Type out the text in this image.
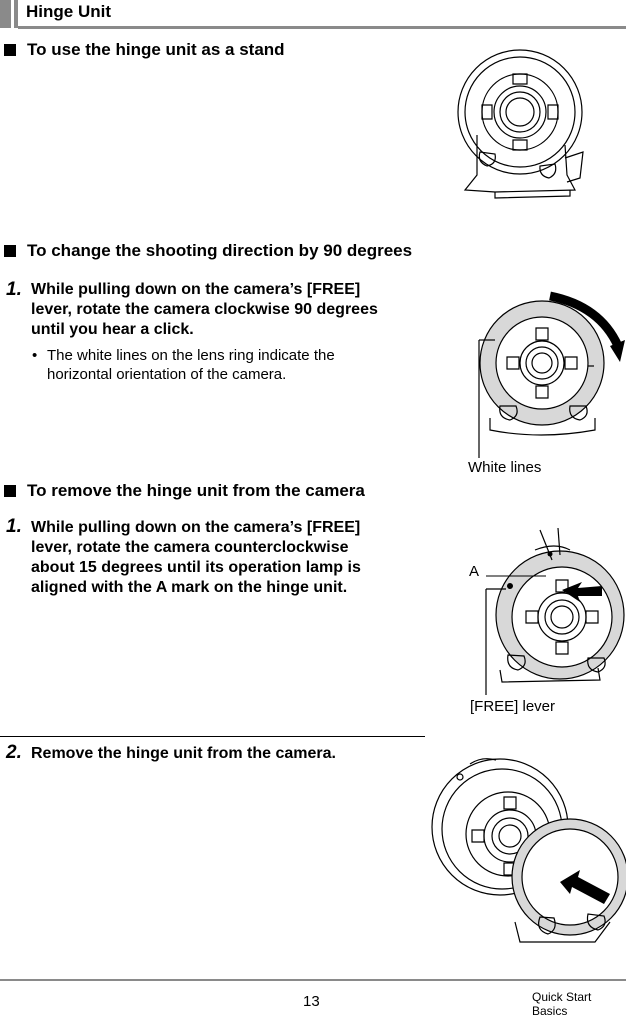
Hinge Unit
To use the hinge unit as a stand
To change the shooting direction by 90 degrees
1. While pulling down on the camera’s [FREE]
lever, rotate the camera clockwise 90 degrees
until you hear a click.
• The white lines on the lens ring indicate the
horizontal orientation of the camera.
White lines
To remove the hinge unit from the camera
1. While pulling down on the camera’s [FREE]
lever, rotate the camera counterclockwise
about 15 degrees until its operation lamp is
aligned with the A mark on the hinge unit.
A
[FREE] lever
2. Remove the hinge unit from the camera.
13	Quick Start Basics
